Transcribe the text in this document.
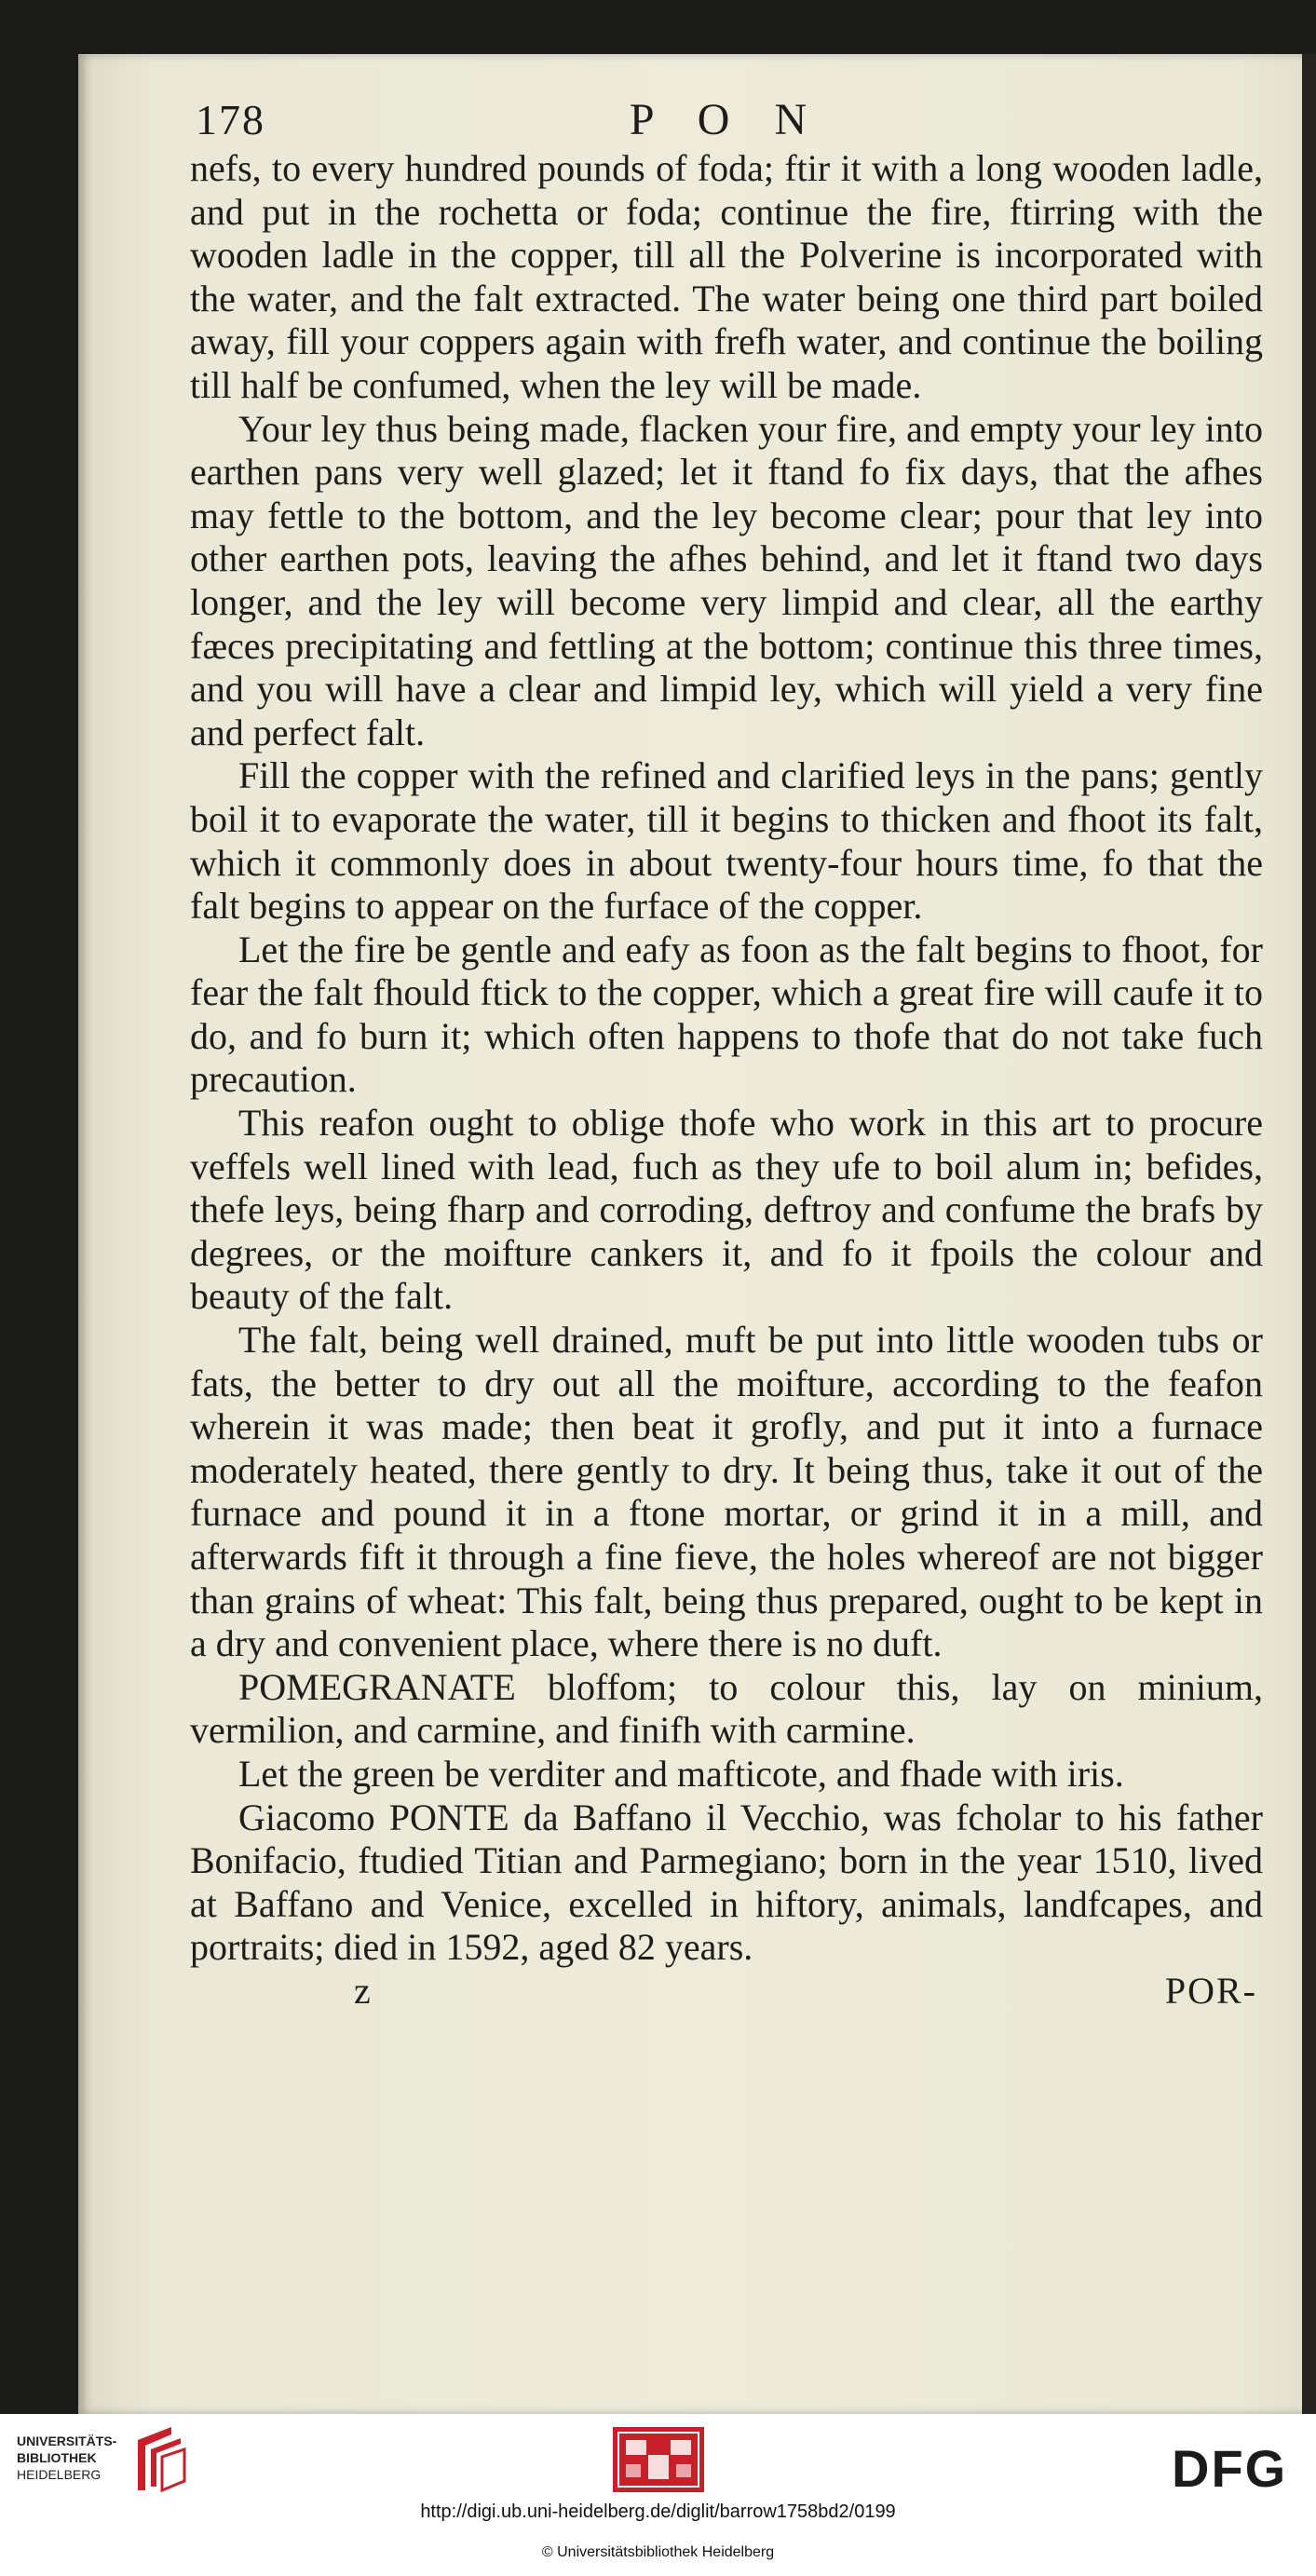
178	P O N

nefs, to every hundred pounds of foda; ftir it with a long wooden ladle, and put in the rochetta or foda; continue the fire, ftirring with the wooden ladle in the copper, till all the Polverine is incorporated with the water, and the falt extracted. The water being one third part boiled away, fill your coppers again with frefh water, and continue the boiling till half be confumed, when the ley will be made.

Your ley thus being made, flacken your fire, and empty your ley into earthen pans very well glazed; let it ftand fo fix days, that the afhes may fettle to the bottom, and the ley become clear; pour that ley into other earthen pots, leaving the afhes behind, and let it ftand two days longer, and the ley will become very limpid and clear, all the earthy fæces precipitating and fettling at the bottom; continue this three times, and you will have a clear and limpid ley, which will yield a very fine and perfect falt.

Fill the copper with the refined and clarified leys in the pans; gently boil it to evaporate the water, till it begins to thicken and fhoot its falt, which it commonly does in about twenty-four hours time, fo that the falt begins to appear on the furface of the copper.

Let the fire be gentle and eafy as foon as the falt begins to fhoot, for fear the falt fhould ftick to the copper, which a great fire will caufe it to do, and fo burn it; which often happens to thofe that do not take fuch precaution.

This reafon ought to oblige thofe who work in this art to procure veffels well lined with lead, fuch as they ufe to boil alum in; befides, thefe leys, being fharp and corroding, deftroy and confume the brafs by degrees, or the moifture cankers it, and fo it fpoils the colour and beauty of the falt.

The falt, being well drained, muft be put into little wooden tubs or fats, the better to dry out all the moifture, according to the feafon wherein it was made; then beat it grofly, and put it into a furnace moderately heated, there gently to dry. It being thus, take it out of the furnace and pound it in a ftone mortar, or grind it in a mill, and afterwards fift it through a fine fieve, the holes whereof are not bigger than grains of wheat: This falt, being thus prepared, ought to be kept in a dry and convenient place, where there is no duft.

POMEGRANATE bloffom; to colour this, lay on minium, vermilion, and carmine, and finifh with carmine.

Let the green be verditer and mafticote, and fhade with iris.

Giacomo PONTE da Baffano il Vecchio, was fcholar to his father Bonifacio, ftudied Titian and Parmegiano; born in the year 1510, lived at Baffano and Venice, excelled in hiftory, animals, landfcapes, and portraits; died in 1592, aged 82 years.

z	POR-
UNIVERSITÄTS-
BIBLIOTHEK
HEIDELBERG	DFG
http://digi.ub.uni-heidelberg.de/diglit/barrow1758bd2/0199
© Universitätsbibliothek Heidelberg
